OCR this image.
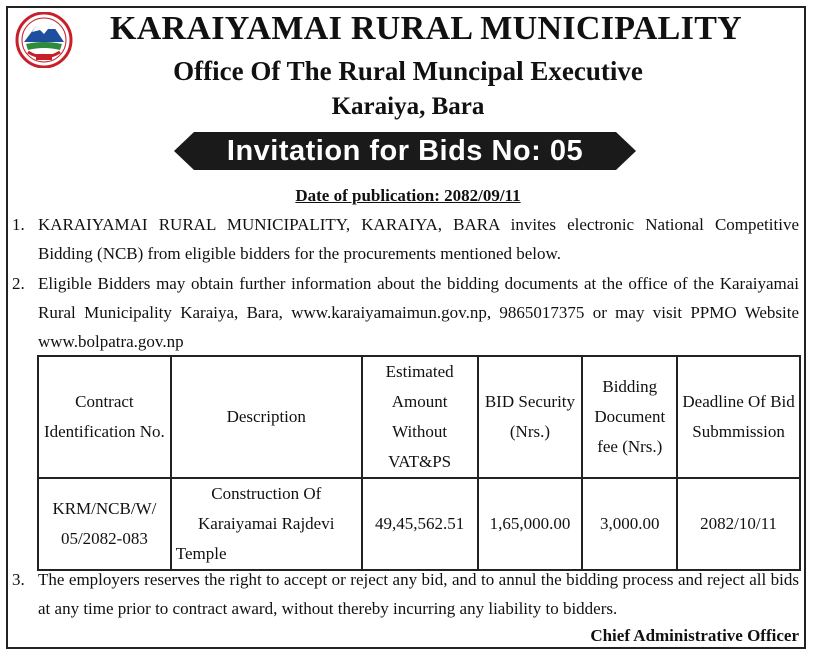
KARAIYAMAI RURAL MUNICIPALITY
Office Of The Rural Muncipal Executive
Karaiya, Bara
Invitation for Bids No: 05
Date of publication: 2082/09/11
1. KARAIYAMAI RURAL MUNICIPALITY, KARAIYA, BARA invites electronic National Competitive Bidding (NCB) from eligible bidders for the procurements mentioned below.
2. Eligible Bidders may obtain further information about the bidding documents at the office of the Karaiyamai Rural Municipality Karaiya, Bara, www.karaiyamaimun.gov.np, 9865017375 or may visit PPMO Website www.bolpatra.gov.np
Contract Identification No.	Description	Estimated Amount Without VAT&PS	BID Security (Nrs.)	Bidding Document fee (Nrs.)	Deadline Of Bid Submmission
KRM/NCB/W/ 05/2082-083	Construction Of Karaiyamai Rajdevi Temple	49,45,562.51	1,65,000.00	3,000.00	2082/10/11
3. The employers reserves the right to accept or reject any bid, and to annul the bidding process and reject all bids at any time prior to contract award, without thereby incurring any liability to bidders.
Chief Administrative Officer
